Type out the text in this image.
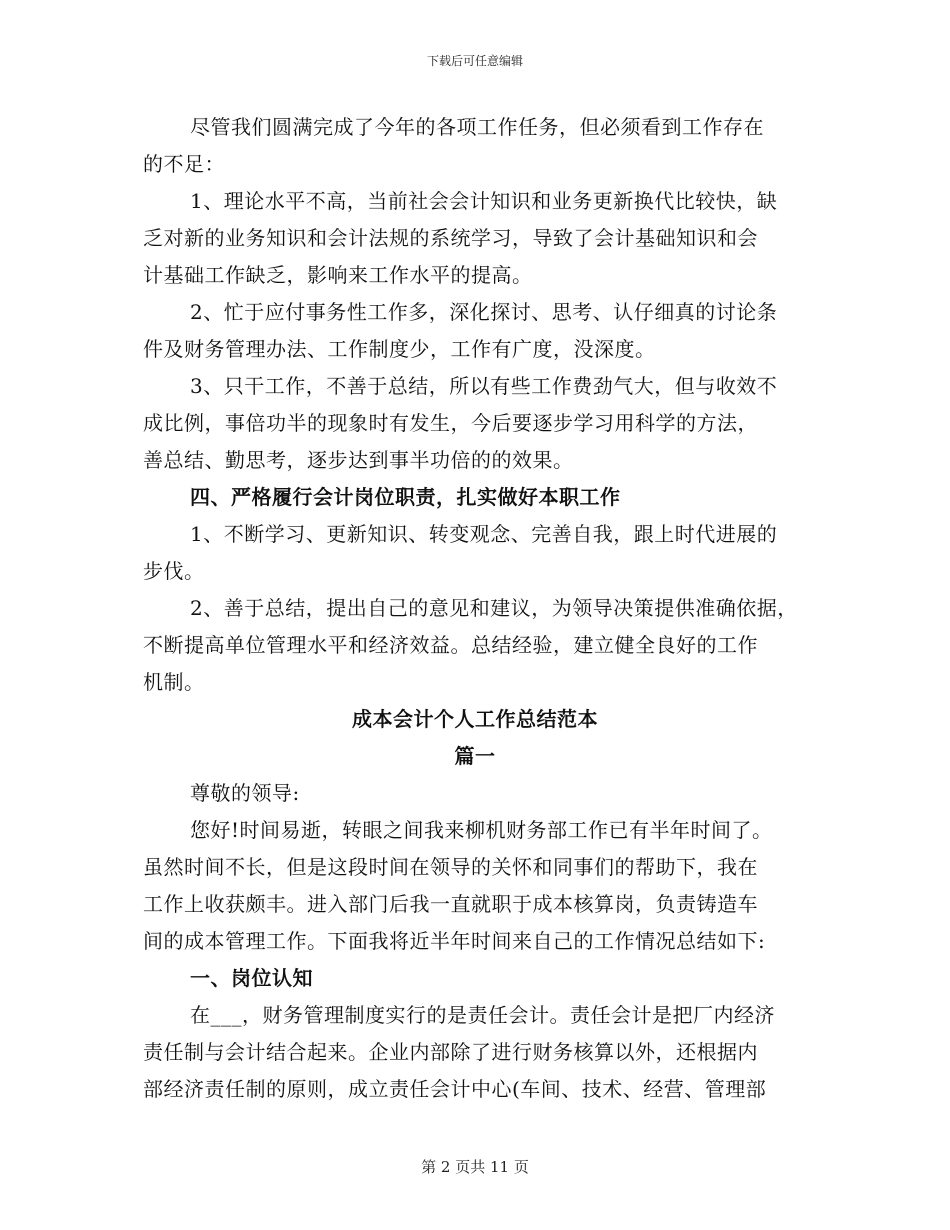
下载后可任意编辑
尽管我们圆满完成了今年的各项工作任务，但必须看到工作存在
的不足：
1、理论水平不高，当前社会会计知识和业务更新换代比较快，缺
乏对新的业务知识和会计法规的系统学习，导致了会计基础知识和会
计基础工作缺乏，影响来工作水平的提高。
2、忙于应付事务性工作多，深化探讨、思考、认仔细真的讨论条
件及财务管理办法、工作制度少，工作有广度，没深度。
3、只干工作，不善于总结，所以有些工作费劲气大，但与收效不
成比例，事倍功半的现象时有发生，今后要逐步学习用科学的方法，
善总结、勤思考，逐步达到事半功倍的的效果。
四、严格履行会计岗位职责，扎实做好本职工作
1、不断学习、更新知识、转变观念、完善自我，跟上时代进展的
步伐。
2、善于总结，提出自己的意见和建议，为领导决策提供准确依据，
不断提高单位管理水平和经济效益。总结经验，建立健全良好的工作
机制。
成本会计个人工作总结范本
篇一
尊敬的领导:
您好!时间易逝，转眼之间我来柳机财务部工作已有半年时间了。
虽然时间不长，但是这段时间在领导的关怀和同事们的帮助下，我在
工作上收获颇丰。进入部门后我一直就职于成本核算岗，负责铸造车
间的成本管理工作。下面我将近半年时间来自己的工作情况总结如下:
一、岗位认知
在___，财务管理制度实行的是责任会计。责任会计是把厂内经济
责任制与会计结合起来。企业内部除了进行财务核算以外，还根据内
部经济责任制的原则，成立责任会计中心(车间、技术、经营、管理部
第 2 页共 11 页
